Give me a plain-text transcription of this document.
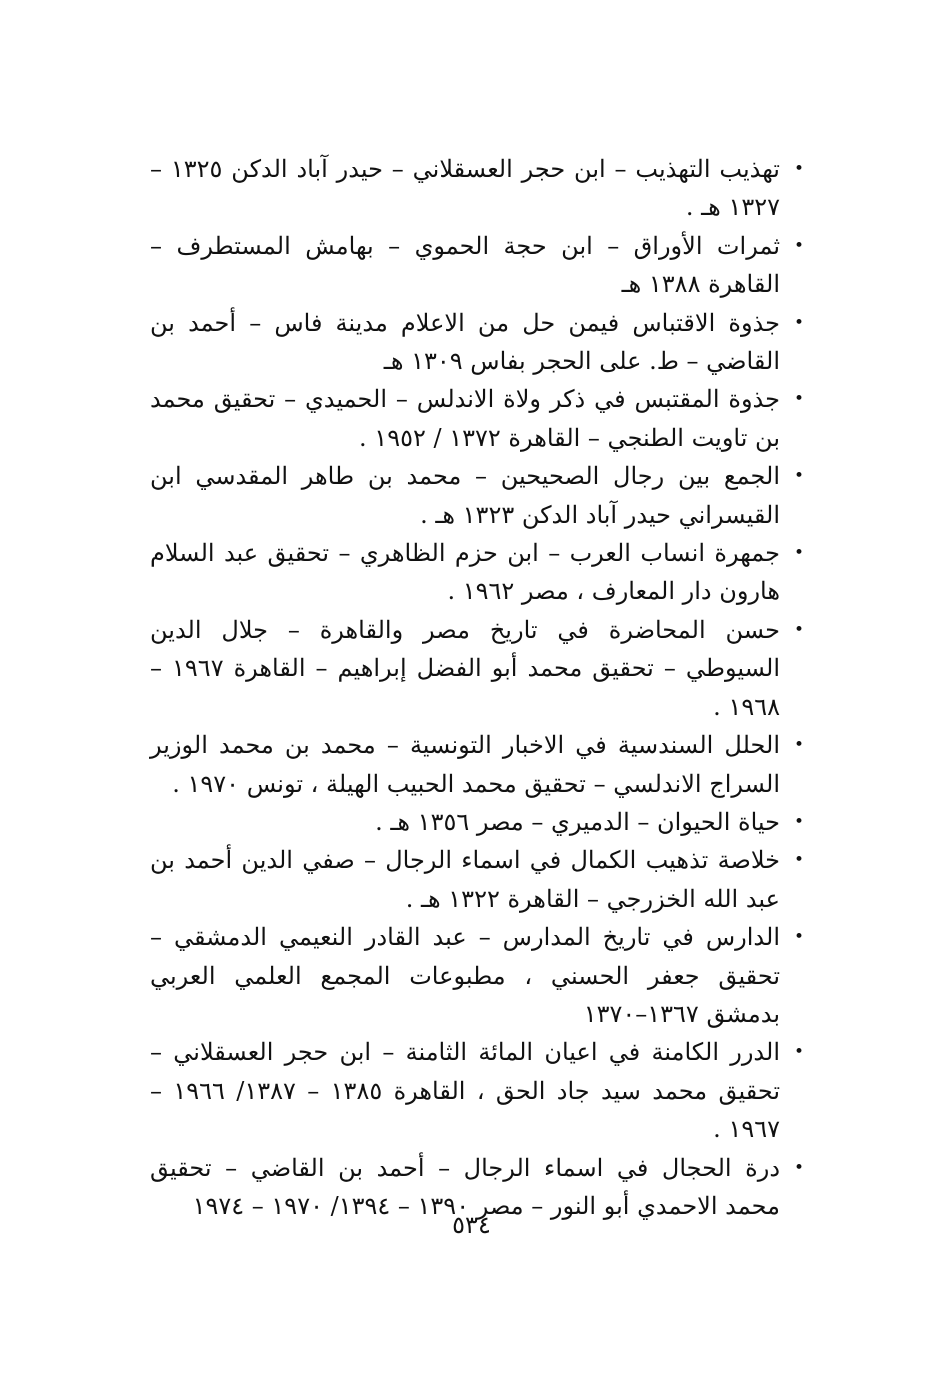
•
تهذيب التهذيب – ابن حجر العسقلاني – حيدر آباد الدكن ١٣٢٥ – ١٣٢٧ هـ .
•
ثمرات الأوراق – ابن حجة الحموي – بهامش المستطرف – القاهرة ١٣٨٨ هـ
•
جذوة الاقتباس فيمن حل من الاعلام مدينة فاس – أحمد بن القاضي – ط. على الحجر بفاس ١٣٠٩ هـ
•
جذوة المقتبس في ذكر ولاة الاندلس – الحميدي – تحقيق محمد بن تاويت الطنجي – القاهرة ١٣٧٢ / ١٩٥٢ .
•
الجمع بين رجال الصحيحين – محمد بن طاهر المقدسي ابن القيسراني حيدر آباد الدكن ١٣٢٣ هـ .
•
جمهرة انساب العرب – ابن حزم الظاهري – تحقيق عبد السلام هارون دار المعارف ، مصر ١٩٦٢ .
•
حسن المحاضرة في تاريخ مصر والقاهرة – جلال الدين السيوطي – تحقيق محمد أبو الفضل إبراهيم – القاهرة ١٩٦٧ – ١٩٦٨ .
•
الحلل السندسية في الاخبار التونسية – محمد بن محمد الوزير السراج الاندلسي – تحقيق محمد الحبيب الهيلة ، تونس ١٩٧٠ .
•
حياة الحيوان – الدميري – مصر ١٣٥٦ هـ .
•
خلاصة تذهيب الكمال في اسماء الرجال – صفي الدين أحمد بن عبد الله الخزرجي – القاهرة ١٣٢٢ هـ .
•
الدارس في تاريخ المدارس – عبد القادر النعيمي الدمشقي – تحقيق جعفر الحسني ، مطبوعات المجمع العلمي العربي بدمشق ١٣٦٧–١٣٧٠
•
الدرر الكامنة في اعيان المائة الثامنة – ابن حجر العسقلاني – تحقيق محمد سيد جاد الحق ، القاهرة ١٣٨٥ – ١٣٨٧/ ١٩٦٦ – ١٩٦٧ .
•
درة الحجال في اسماء الرجال – أحمد بن القاضي – تحقيق محمد الاحمدي أبو النور – مصر ١٣٩٠ – ١٣٩٤/ ١٩٧٠ – ١٩٧٤
٥٣٤
